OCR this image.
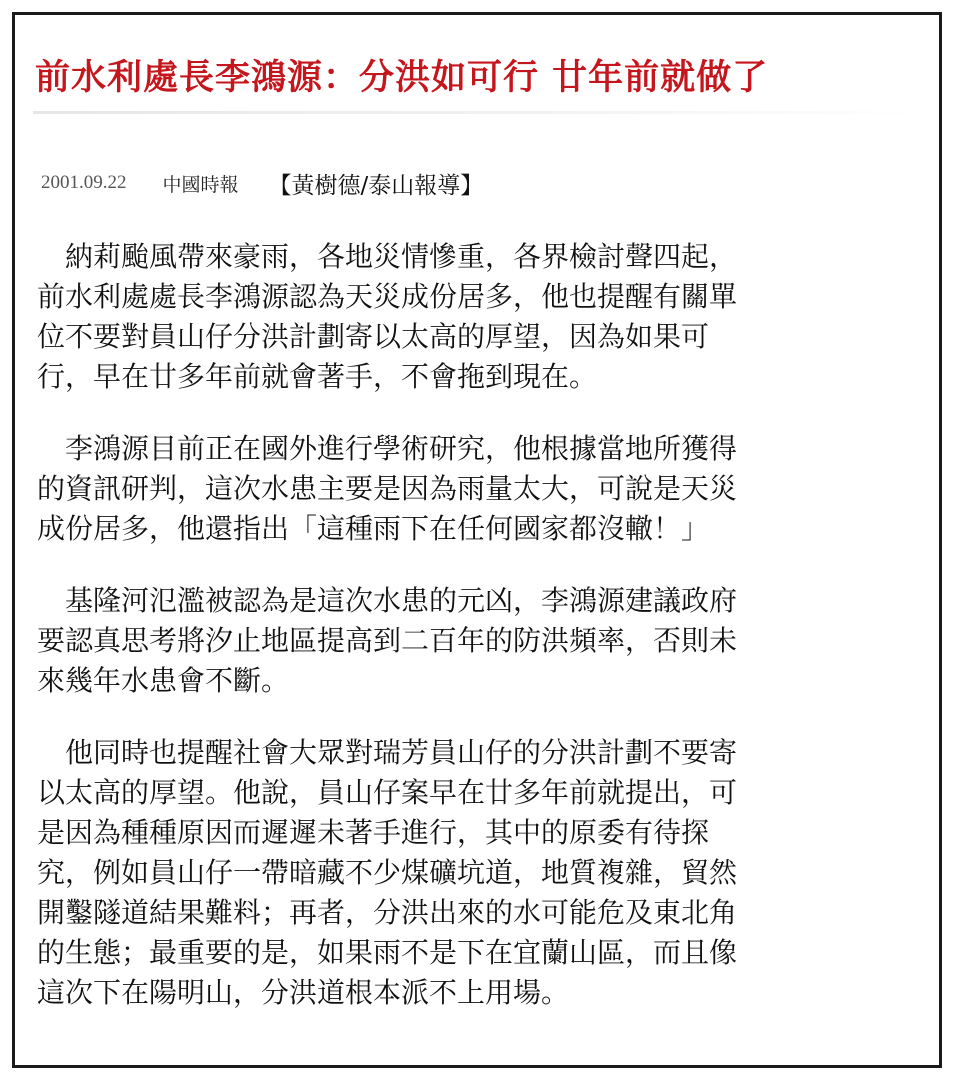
前水利處長李鴻源：分洪如可行 廿年前就做了
2001.09.22 中國時報 【黃樹德/泰山報導】

　納莉颱風帶來豪雨，各地災情慘重，各界檢討聲四起，
前水利處處長李鴻源認為天災成份居多，他也提醒有關單
位不要對員山仔分洪計劃寄以太高的厚望，因為如果可
行，早在廿多年前就會著手，不會拖到現在。

　李鴻源目前正在國外進行學術研究，他根據當地所獲得
的資訊研判，這次水患主要是因為雨量太大，可說是天災
成份居多，他還指出「這種雨下在任何國家都沒轍！」

　基隆河氾濫被認為是這次水患的元凶，李鴻源建議政府
要認真思考將汐止地區提高到二百年的防洪頻率，否則未
來幾年水患會不斷。

　他同時也提醒社會大眾對瑞芳員山仔的分洪計劃不要寄
以太高的厚望。他說，員山仔案早在廿多年前就提出，可
是因為種種原因而遲遲未著手進行，其中的原委有待探
究，例如員山仔一帶暗藏不少煤礦坑道，地質複雜，貿然
開鑿隧道結果難料；再者，分洪出來的水可能危及東北角
的生態；最重要的是，如果雨不是下在宜蘭山區，而且像
這次下在陽明山，分洪道根本派不上用場。
